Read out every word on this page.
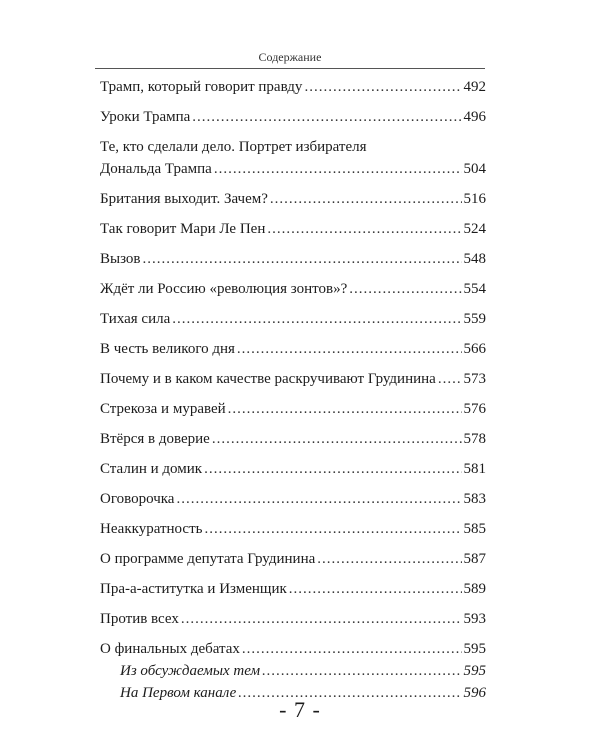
Содержание
Трамп, который говорит правду .....	492
Уроки Трампа .....	496
Те, кто сделали дело. Портрет избирателя
Дональда Трампа .....	504
Британия выходит. Зачем? .....	516
Так говорит Мари Ле Пен .....	524
Вызов .....	548
Ждёт ли Россию «революция зонтов»? .....	554
Тихая сила .....	559
В честь великого дня .....	566
Почему и в каком качестве раскручивают Грудинина ..... 573
Стрекоза и муравей .....	576
Втёрся в доверие .....	578
Сталин и домик .....	581
Оговорочка .....	583
Неаккуратность .....	585
О программе депутата Грудинина .....	587
Пра-а-аститутка и Изменщик .....	589
Против всех .....	593
О финальных дебатах .....	595
Из обсуждаемых тем .....	595
На Первом канале .....	596
- 7 -
